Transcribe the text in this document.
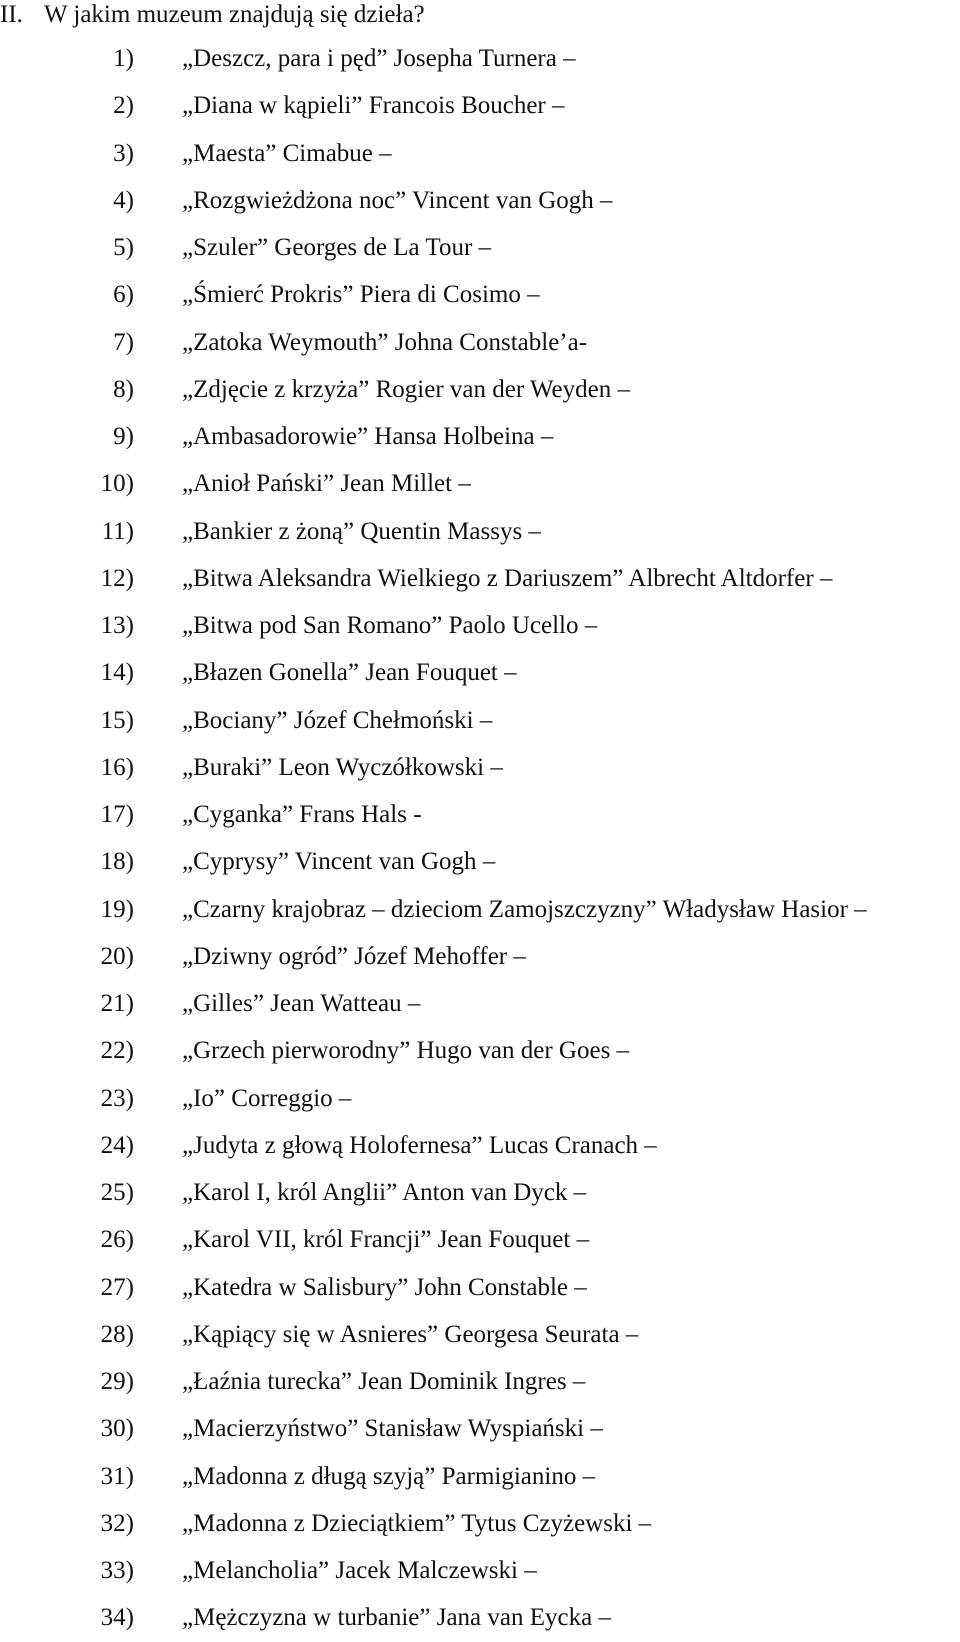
II. W jakim muzeum znajdują się dzieła?
1) „Deszcz, para i pęd” Josepha Turnera –
2) „Diana w kąpieli” Francois Boucher –
3) „Maesta” Cimabue –
4) „Rozgwieżdżona noc” Vincent van Gogh –
5) „Szuler” Georges de La Tour –
6) „Śmierć Prokris” Piera di Cosimo –
7) „Zatoka Weymouth” Johna Constable’a-
8) „Zdjęcie z krzyża” Rogier van der Weyden –
9) „Ambasadorowie” Hansa Holbeina –
10) „Anioł Pański” Jean Millet –
11) „Bankier z żoną” Quentin Massys –
12) „Bitwa Aleksandra Wielkiego z Dariuszem” Albrecht Altdorfer –
13) „Bitwa pod San Romano” Paolo Ucello –
14) „Błazen Gonella” Jean Fouquet –
15) „Bociany” Józef Chełmoński –
16) „Buraki” Leon Wyczółkowski –
17) „Cyganka” Frans Hals -
18) „Cyprysy” Vincent van Gogh –
19) „Czarny krajobraz – dzieciom Zamojszczyzny” Władysław Hasior –
20) „Dziwny ogród” Józef Mehoffer –
21) „Gilles” Jean Watteau –
22) „Grzech pierworodny” Hugo van der Goes –
23) „Io” Correggio –
24) „Judyta z głową Holofernesa” Lucas Cranach –
25) „Karol I, król Anglii” Anton van Dyck –
26) „Karol VII, król Francji” Jean Fouquet –
27) „Katedra w Salisbury” John Constable –
28) „Kąpiący się w Asnieres” Georgesa Seurata –
29) „Łaźnia turecka” Jean Dominik Ingres –
30) „Macierzyństwo” Stanisław Wyspiański –
31) „Madonna z długą szyją” Parmigianino –
32) „Madonna z Dzieciątkiem” Tytus Czyżewski –
33) „Melancholia” Jacek Malczewski –
34) „Mężczyzna w turbanie” Jana van Eycka –
